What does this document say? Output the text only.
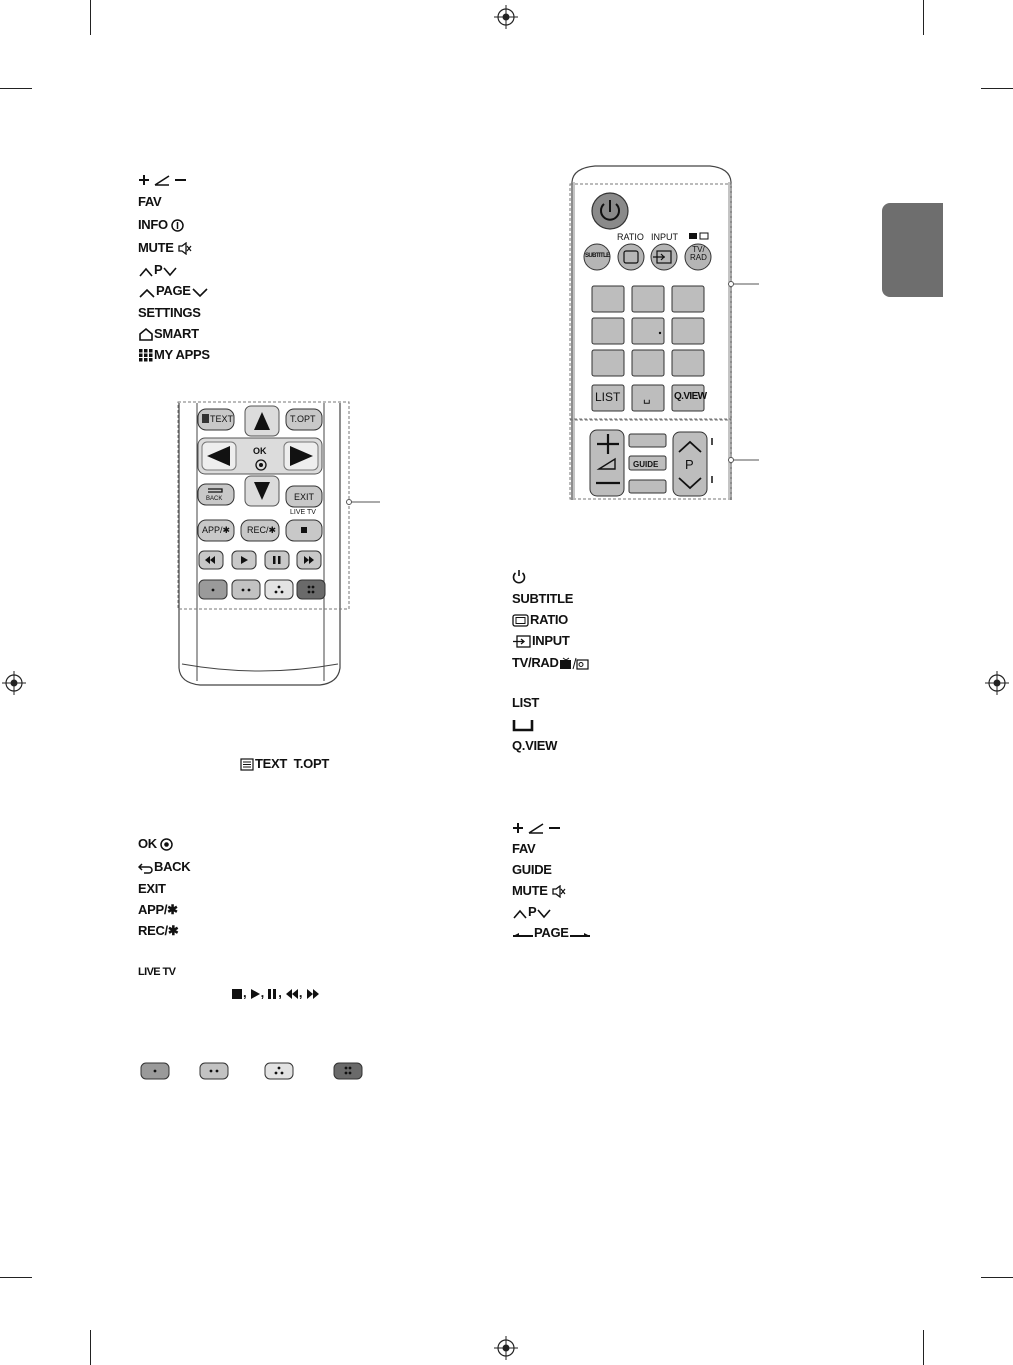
FAV
INFO
MUTE
P
PAGE
SETTINGS
SMART
MY APPS
TEXT	T.OPT
OK
BACK	EXIT
LIVE TV
APP/✱ REC/✱
TEXT T.OPT
OK
BACK
EXIT
APP/✱
REC/✱
LIVE TV
, , , ,
RATIO INPUT
SUBTITLE
TV/
RAD
LIST ␣ Q.VIEW
GUIDE P
SUBTITLE
RATIO
INPUT
TV/RAD
LIST
Q.VIEW
FAV
GUIDE
MUTE
P
PAGE
